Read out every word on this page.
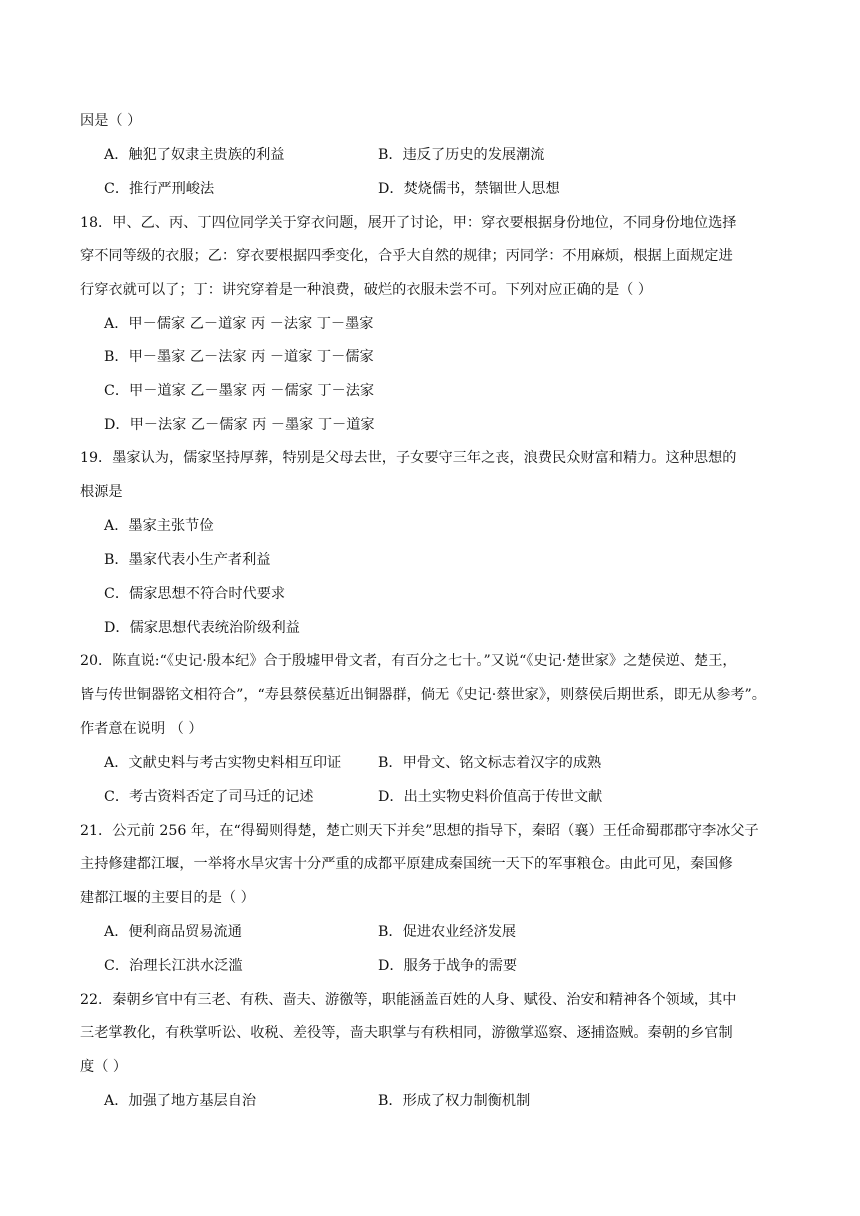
因是（ ）
A．触犯了奴隶主贵族的利益	B．违反了历史的发展潮流
C．推行严刑峻法	D．焚烧儒书，禁锢世人思想
18．甲、乙、丙、丁四位同学关于穿衣问题，展开了讨论，甲：穿衣要根据身份地位，不同身份地位选择
穿不同等级的衣服；乙：穿衣要根据四季变化，合乎大自然的规律；丙同学：不用麻烦，根据上面规定进
行穿衣就可以了；丁：讲究穿着是一种浪费，破烂的衣服未尝不可。下列对应正确的是（ ）
A．甲－儒家 乙－道家 丙 －法家 丁－墨家
B．甲－墨家 乙－法家 丙 －道家 丁－儒家
C．甲－道家 乙－墨家 丙 －儒家 丁－法家
D．甲－法家 乙－儒家 丙 －墨家 丁－道家
19．墨家认为，儒家坚持厚葬，特别是父母去世，子女要守三年之丧，浪费民众财富和精力。这种思想的
根源是
A．墨家主张节俭
B．墨家代表小生产者利益
C．儒家思想不符合时代要求
D．儒家思想代表统治阶级利益
20．陈直说:“《史记·殷本纪》合于殷墟甲骨文者，有百分之七十。”又说“《史记·楚世家》之楚侯逆、楚王，
皆与传世铜器铭文相符合”，“寿县蔡侯墓近出铜器群，倘无《史记·蔡世家》，则蔡侯后期世系，即无从参考”。
作者意在说明 （ ）
A．文献史料与考古实物史料相互印证	B．甲骨文、铭文标志着汉字的成熟
C．考古资料否定了司马迁的记述	D．出土实物史料价值高于传世文献
21．公元前 256 年，在“得蜀则得楚，楚亡则天下并矣”思想的指导下，秦昭（襄）王任命蜀郡郡守李冰父子
主持修建都江堰，一举将水旱灾害十分严重的成都平原建成秦国统一天下的军事粮仓。由此可见，秦国修
建都江堰的主要目的是（ ）
A．便利商品贸易流通	B．促进农业经济发展
C．治理长江洪水泛滥	D．服务于战争的需要
22．秦朝乡官中有三老、有秩、啬夫、游徼等，职能涵盖百姓的人身、赋役、治安和精神各个领域，其中
三老掌教化，有秩掌听讼、收税、差役等，啬夫职掌与有秩相同，游徼掌巡察、逐捕盗贼。秦朝的乡官制
度（ ）
A．加强了地方基层自治	B．形成了权力制衡机制
